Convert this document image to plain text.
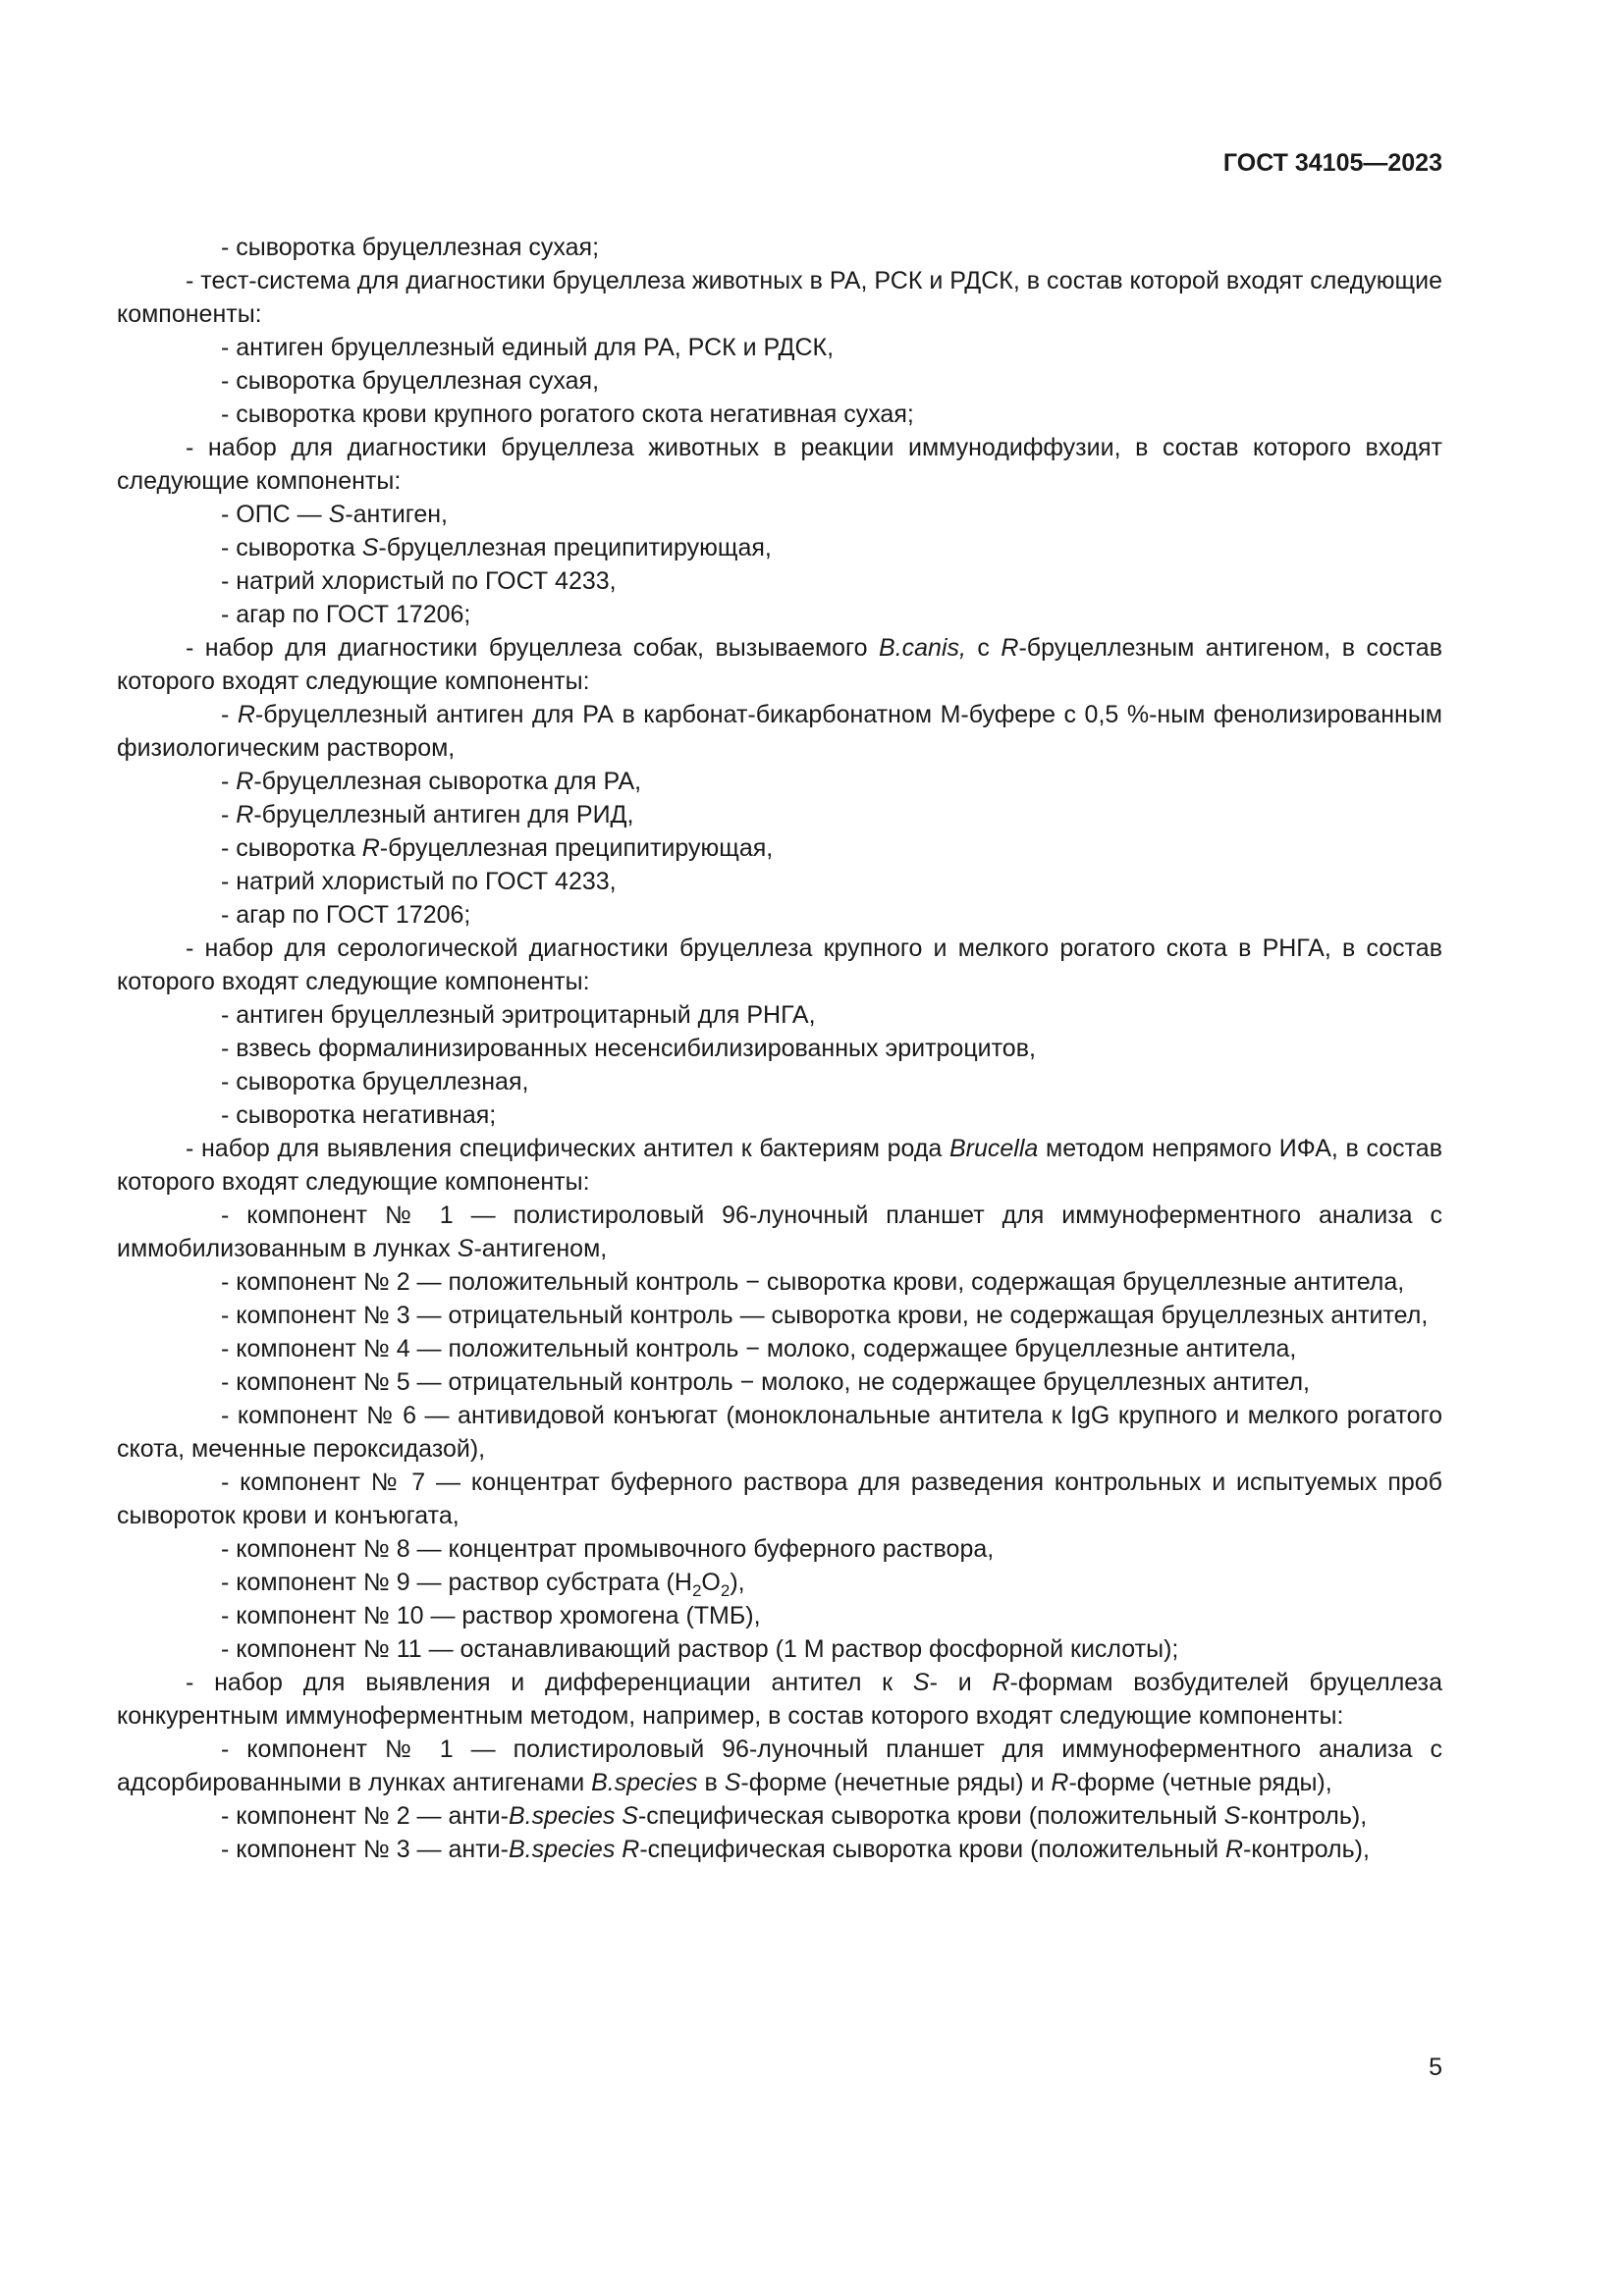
ГОСТ 34105—2023

- сыворотка бруцеллезная сухая;

- тест-система для диагностики бруцеллеза животных в РА, РСК и РДСК, в состав которой входят следующие компоненты:

- антиген бруцеллезный единый для РА, РСК и РДСК,

- сыворотка бруцеллезная сухая,

- сыворотка крови крупного рогатого скота негативная сухая;

- набор для диагностики бруцеллеза животных в реакции иммунодиффузии, в состав которого входят следующие компоненты:

- ОПС — S-антиген,

- сыворотка S-бруцеллезная преципитирующая,

- натрий хлористый по ГОСТ 4233,

- агар по ГОСТ 17206;

- набор для диагностики бруцеллеза собак, вызываемого B.canis, с R-бруцеллезным антигеном, в состав которого входят следующие компоненты:

- R-бруцеллезный антиген для РА в карбонат-бикарбонатном М-буфере с 0,5 %-ным фенолизированным физиологическим раствором,

- R-бруцеллезная сыворотка для РА,

- R-бруцеллезный антиген для РИД,

- сыворотка R-бруцеллезная преципитирующая,

- натрий хлористый по ГОСТ 4233,

- агар по ГОСТ 17206;

- набор для серологической диагностики бруцеллеза крупного и мелкого рогатого скота в РНГА, в состав которого входят следующие компоненты:

- антиген бруцеллезный эритроцитарный для РНГА,

- взвесь формалинизированных несенсибилизированных эритроцитов,

- сыворотка бруцеллезная,

- сыворотка негативная;

- набор для выявления специфических антител к бактериям рода Brucella методом непрямого ИФА, в состав которого входят следующие компоненты:

- компонент № 1 — полистироловый 96-луночный планшет для иммуноферментного анализа с иммобилизованным в лунках S-антигеном,

- компонент № 2 — положительный контроль − сыворотка крови, содержащая бруцеллезные антитела,

- компонент № 3 — отрицательный контроль — сыворотка крови, не содержащая бруцеллезных антител,

- компонент № 4 — положительный контроль − молоко, содержащее бруцеллезные антитела,

- компонент № 5 — отрицательный контроль − молоко, не содержащее бруцеллезных антител,

- компонент № 6 — антивидовой конъюгат (моноклональные антитела к IgG крупного и мелкого рогатого скота, меченные пероксидазой),

- компонент № 7 — концентрат буферного раствора для разведения контрольных и испытуемых проб сывороток крови и конъюгата,

- компонент № 8 — концентрат промывочного буферного раствора,

- компонент № 9 — раствор субстрата $(H_2O_2)$,

- компонент № 10 — раствор хромогена (ТМБ),

- компонент № 11 — останавливающий раствор (1 М раствор фосфорной кислоты);

- набор для выявления и дифференциации антител к S- и R-формам возбудителей бруцеллеза конкурентным иммуноферментным методом, например, в состав которого входят следующие компоненты:

- компонент № 1 — полистироловый 96-луночный планшет для иммуноферментного анализа с адсорбированными в лунках антигенами B.species в S-форме (нечетные ряды) и R-форме (четные ряды),

- компонент № 2 — анти-B.species S-специфическая сыворотка крови (положительный S-контроль),

- компонент № 3 — анти-B.species R-специфическая сыворотка крови (положительный R-контроль),

5
